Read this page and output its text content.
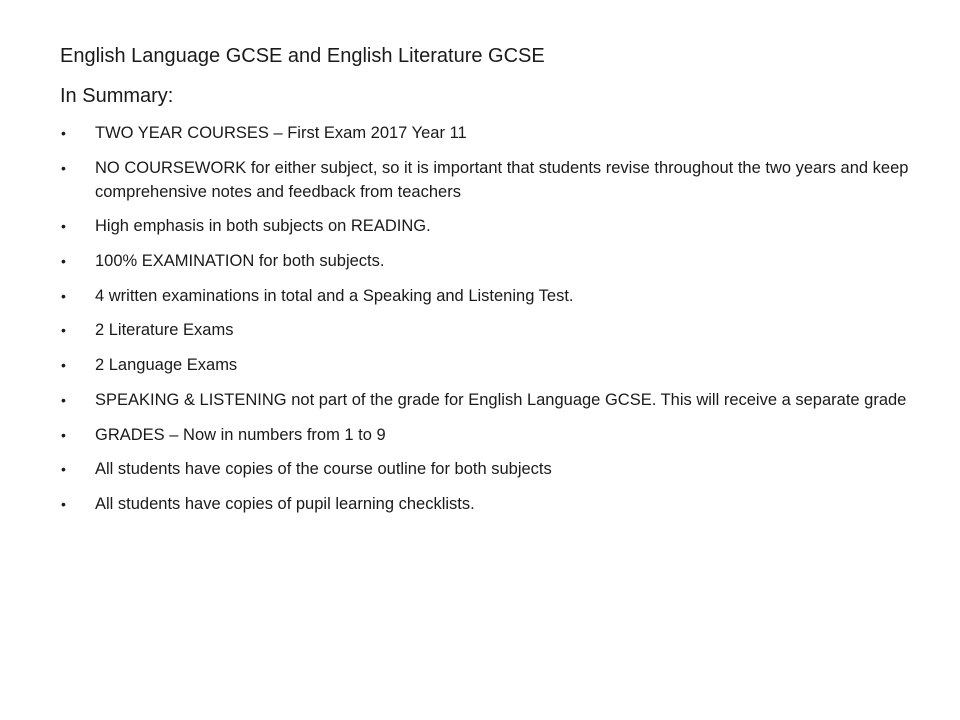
English Language GCSE and English Literature GCSE
In Summary:
•	TWO YEAR COURSES – First Exam 2017 Year 11
•	NO COURSEWORK for either subject, so it is important that students revise throughout the two years and keep comprehensive notes and feedback from teachers
•	High emphasis in both subjects on READING.
•	100% EXAMINATION for both subjects.
•	4 written examinations in total and a Speaking and Listening Test.
•	2 Literature Exams
•	2 Language Exams
•	SPEAKING & LISTENING not part of the grade for English Language GCSE. This will receive a separate grade
•	GRADES – Now in numbers from 1 to 9
•	All students have copies of the course outline for both subjects
•	All students have copies of pupil learning checklists.
